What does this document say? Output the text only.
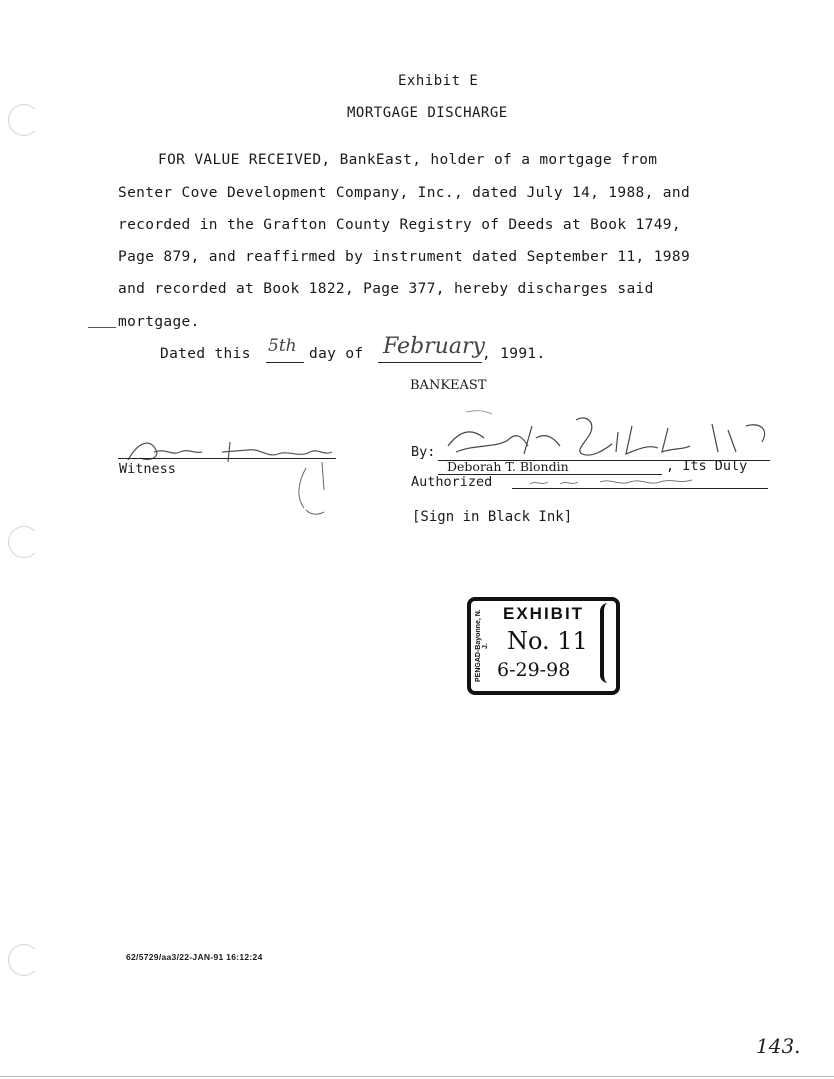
Exhibit E
MORTGAGE DISCHARGE
FOR VALUE RECEIVED, BankEast, holder of a mortgage from
Senter Cove Development Company, Inc., dated July 14, 1988, and
recorded in the Grafton County Registry of Deeds at Book 1749,
Page 879, and reaffirmed by instrument dated September 11, 1989
and recorded at Book 1822, Page 377, hereby discharges said
mortgage.
Dated this 5th day of February
, 1991.
BANKEAST
Witness
By:
Deborah T. Blondin	, Its Duly
Authorized
[Sign in Black Ink]
PENGAD-Bayonne, N. J.
EXHIBIT
No. 11
6-29-98
62/5729/aa3/22-JAN-91 16:12:24
143.
